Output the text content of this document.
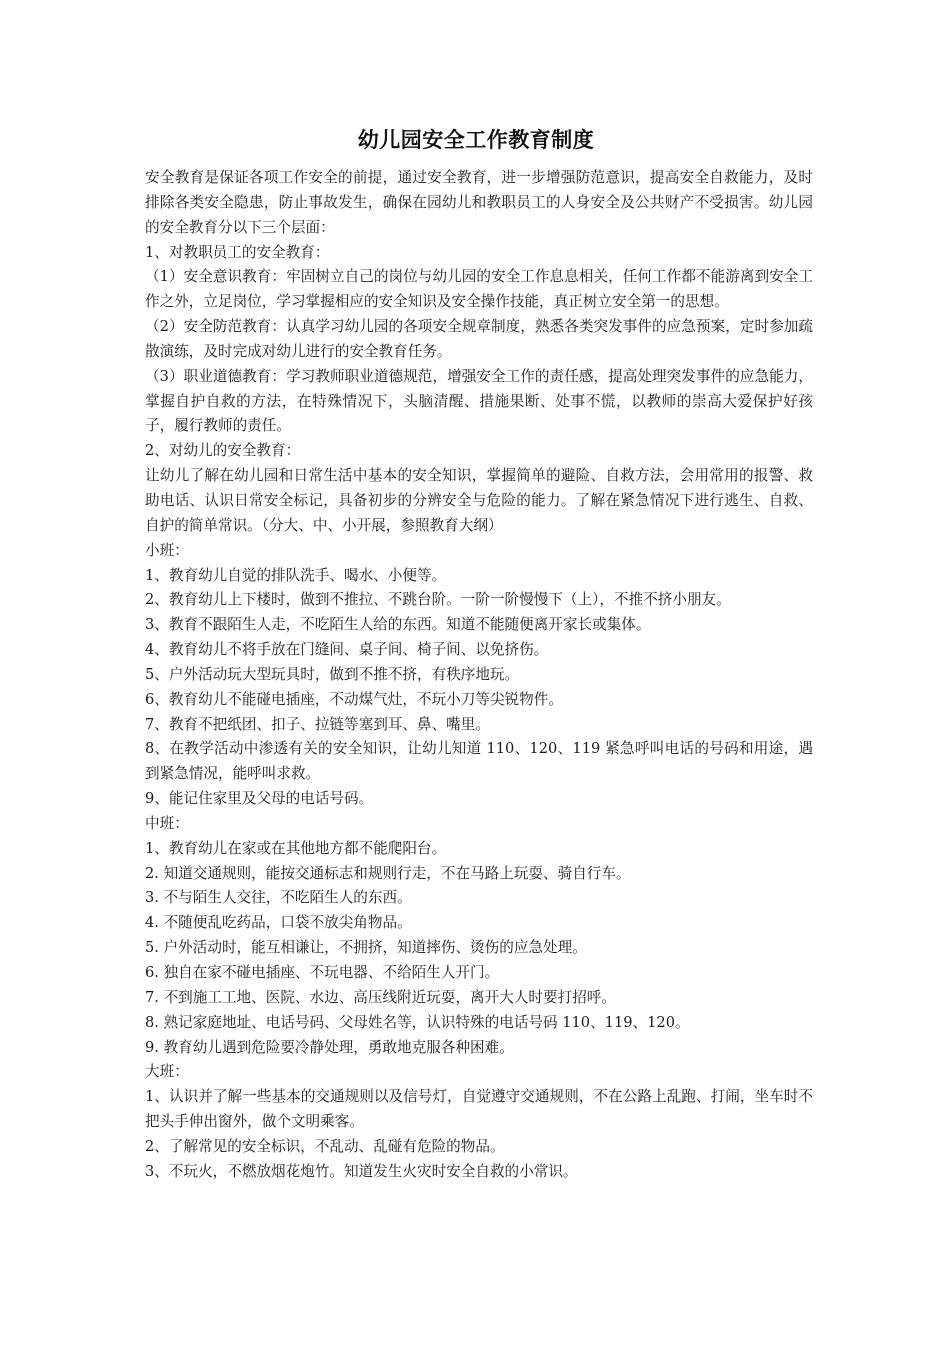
幼儿园安全工作教育制度

安全教育是保证各项工作安全的前提，通过安全教育，进一步增强防范意识，提高安全自救能力，及时排除各类安全隐患，防止事故发生，确保在园幼儿和教职员工的人身安全及公共财产不受损害。幼儿园的安全教育分以下三个层面：

1、对教职员工的安全教育：

（1）安全意识教育：牢固树立自己的岗位与幼儿园的安全工作息息相关，任何工作都不能游离到安全工作之外，立足岗位，学习掌握相应的安全知识及安全操作技能，真正树立安全第一的思想。

（2）安全防范教育：认真学习幼儿园的各项安全规章制度，熟悉各类突发事件的应急预案，定时参加疏散演练，及时完成对幼儿进行的安全教育任务。

（3）职业道德教育：学习教师职业道德规范，增强安全工作的责任感，提高处理突发事件的应急能力，掌握自护自救的方法，在特殊情况下，头脑清醒、措施果断、处事不慌，以教师的崇高大爱保护好孩子，履行教师的责任。

2、对幼儿的安全教育：

让幼儿了解在幼儿园和日常生活中基本的安全知识，掌握简单的避险、自救方法，会用常用的报警、救助电话、认识日常安全标记，具备初步的分辨安全与危险的能力。了解在紧急情况下进行逃生、自救、自护的简单常识。（分大、中、小开展，参照教育大纲）

小班：

1、教育幼儿自觉的排队洗手、喝水、小便等。

2、教育幼儿上下楼时，做到不推拉、不跳台阶。一阶一阶慢慢下（上），不推不挤小朋友。

3、教育不跟陌生人走，不吃陌生人给的东西。知道不能随便离开家长或集体。

4、教育幼儿不将手放在门缝间、桌子间、椅子间、以免挤伤。

5、户外活动玩大型玩具时，做到不推不挤，有秩序地玩。

6、教育幼儿不能碰电插座，不动煤气灶，不玩小刀等尖锐物件。

7、教育不把纸团、扣子、拉链等塞到耳、鼻、嘴里。

8、在教学活动中渗透有关的安全知识，让幼儿知道 110、120、119 紧急呼叫电话的号码和用途，遇到紧急情况，能呼叫求救。

9、能记住家里及父母的电话号码。

中班：

1、教育幼儿在家或在其他地方都不能爬阳台。

2. 知道交通规则，能按交通标志和规则行走，不在马路上玩耍、骑自行车。

3. 不与陌生人交往，不吃陌生人的东西。

4. 不随便乱吃药品，口袋不放尖角物品。

5. 户外活动时，能互相谦让，不拥挤，知道摔伤、烫伤的应急处理。

6. 独自在家不碰电插座、不玩电器、不给陌生人开门。

7. 不到施工工地、医院、水边、高压线附近玩耍，离开大人时要打招呼。

8. 熟记家庭地址、电话号码、父母姓名等，认识特殊的电话号码 110、119、120。

9. 教育幼儿遇到危险要冷静处理，勇敢地克服各种困难。

大班：

1、认识并了解一些基本的交通规则以及信号灯，自觉遵守交通规则，不在公路上乱跑、打闹，坐车时不把头手伸出窗外，做个文明乘客。

2、了解常见的安全标识，不乱动、乱碰有危险的物品。

3、不玩火，不燃放烟花炮竹。知道发生火灾时安全自救的小常识。
